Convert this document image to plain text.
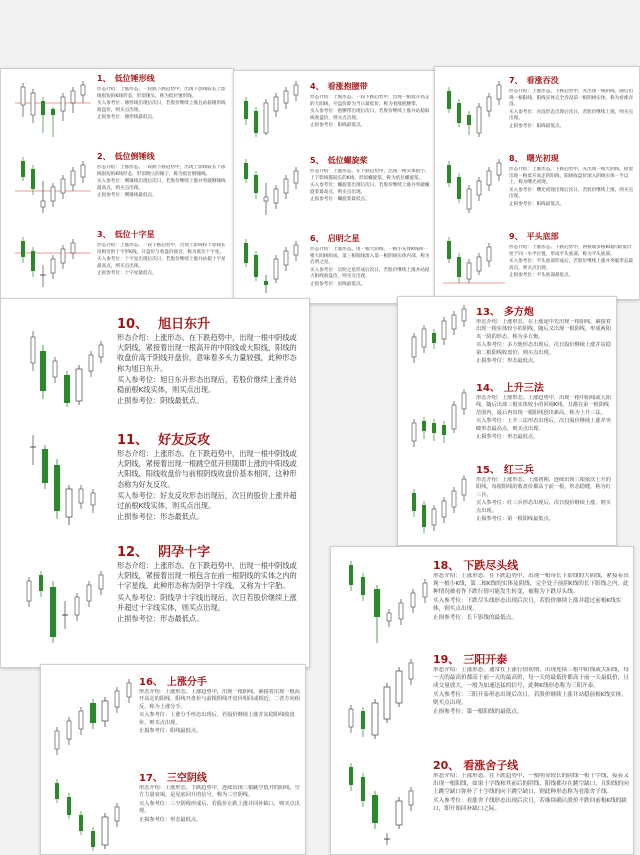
1、 低位锤形线

形态介绍：上涨形态。一段跌下跌趋势中，出现下影线较长上影线很短的K线形态，形似锤头，称为低位锤形线。

买入参考位：锤形线出现后次日，若股价继续上涨且站稳锤形线收盘价，则买点出现。

止损参考位：锤形线最低点。

2、 低位倒锤线

形态介绍：上涨形态。一段跌下跌趋势中，出现上影线较长下影线很短的K线形态，形似倒立的锤子，称为低位倒锤线。

买入参考位：倒锤线出现后次日，若股价继续上涨并突破倒锤线最高点，则买点出现。

止损参考位：倒锤线最低点。

3、 低位十字星

形态介绍：上涨形态。一段下跌趋势中，出现上影线和下影线长度相近的十字形K线，开盘价与收盘价接近，称为低位十字星。

买入参考位：十字星出现后次日，若股价继续上涨并站稳十字星最高点，则买点出现。

止损参考位：十字星最低点。

4、 看涨抱腰带

形态介绍：上涨形态。一段下跌趋势中，出现一根低开高走的大阳线，开盘价即为当日最低价，称为看涨抱腰带。

买入参考位：抱腰带出现后次日，若股价继续上涨并站稳阳线收盘价，则买点出现。

止损参考位：阳线最低点。

5、 低位螺旋桨

形态介绍：上涨形态。在下跌趋势中，出现一根实体很小、上下影线都较长的K线，形似螺旋桨，称为低位螺旋桨。

买入参考位：螺旋桨出现后次日，若股价继续上涨并突破螺旋桨最高点，则买点出现。

止损参考位：螺旋桨最低点。

6、 启明之星

形态介绍：上涨形态。由一根大阴线、一根小实体K线和一根大阳线组成，第三根阳线深入第一根阴线实体内部，称为启明之星。

买入参考位：启明之星形成后次日，若股价继续上涨并站稳大阳线收盘价，则买点出现。

止损参考位：星线最低点。

7、 看涨吞没

形态介绍：上涨形态。下跌趋势中，先出现一根阴线，随后出现一根阳线，阳线实体完全吞没前一根阴线实体，称为看涨吞没。

买入参考位：吞没形态出现后次日，若股价继续上涨，则买点出现。

止损参考位：阳线最低点。

8、 曙光初现

形态介绍：上涨形态。下跌趋势中，先出现一根大阴线，接着出现一根低开高走的阳线，阳线收盘价深入阴线实体一半以上，称为曙光初现。

买入参考位：曙光初现出现后次日，若股价继续上涨，则买点出现。

止损参考位：阳线最低点。

9、 平头底部

形态介绍：上涨形态。下跌趋势中，两根或多根K线的最低价处于同一水平位置，形成平头底部，称为平头底部。

买入参考位：平头底部形成后，若股价继续上涨并突破形态最高点，则买点出现。

止损参考位：平头底部最低点。

10、 旭日东升

形态介绍：上涨形态。在下跌趋势中，出现一根中阴线或大阴线，紧接着出现一根高开的中阳线或大阳线，阳线的收盘价高于阴线开盘价，意味着多头力量较强，此种形态称为旭日东升。

买入参考位：旭日东升形态出现后，若股价继续上涨并站稳前根K线实体，则买点出现。

止损参考位：阴线最低点。

11、 好友反攻

形态介绍：上涨形态。在下跌趋势中，出现一根中阴线或大阴线，紧接着出现一根跳空低开但随即上涨的中阳线或大阳线，阳线收盘价与前根阴线收盘价基本相同，这种形态称为好友反攻。

买入参考位：好友反攻形态出现后，次日的股价上涨并超过前根K线实体，则买点出现。

止损参考位：形态最低点。

12、 阴孕十字

形态介绍：上涨形态。在下跌趋势中，出现一根中阴线或大阴线，紧接着出现一根包含在前一根阴线的实体之内的十字星线，此种形态称为阴孕十字线，又称为十字胎。

买入参考位：阴线孕十字线出现后，次日若股价继续上涨并超过十字线实体，则买点出现。

止损参考位：形态最低点。

13、 多方炮

形态介绍：上涨形态。在上涨途中先出现一根阳线，紧接着出现一根实体较小的阴线，随后又出现一根阳线，形成两阳夹一阴的形态，称为多方炮。

买入参考位：多方炮形态出现后，次日股价继续上涨并站稳第二根阳线收盘价，则买点出现。

止损参考位：形态最低点。

14、 上升三法

形态介绍：上涨形态。上涨趋势中，出现一根中阳线或大阳线，随后出现三根实体较小的回调K线，且都在第一根阳线范围内，最后再出现一根阳线创出新高，称为上升三法。

买入参考位：上升三法形态出现后，次日股价继续上涨并突破形态最高点，则买点出现。

止损参考位：形态最低点。

15、 红三兵

形态介绍：上涨形态。上涨初期，连续出现三根依次上升的阳线，每根阳线的收盘价都高于前一根，形态稳健，称为红三兵。

买入参考位：红三兵形态出现后，次日股价继续上涨，则买点出现。

止损参考位：第一根阳线最低点。

16、 上涨分手

形态介绍：上涨形态。上涨趋势中，出现一根阴线，紧接着出现一根高开高走的阳线，阳线开盘价与前根阴线开盘价相同或相近，二者方向相反，称为上涨分手。

买入参考位：上涨分手形态出现后，若股价继续上涨并站稳阳线收盘价，则买点出现。

止损参考位：阳线最低点。

17、 三空阴线

形态介绍：上涨形态。下跌趋势中，连续出现三根跳空低开的阴线，空方力量衰竭，是见底回升的信号，称为三空阴线。

买入参考位：三空阴线形成后，若股价止跌上涨并回补缺口，则买点出现。

止损参考位：形态最低点。

18、 下跌尽头线

形态介绍：上涨形态。在下跌趋势中，出现一根带长下影线的大阴线，紧接着出现一根小K线，第二根K线的实体及阴线，完全处于前阴K线的长下影线之内，此种情况被看作下跌行情可能发生转变，被称为下跌尽头线。

买入参考位：下跌尽头线形态出现后次日，若股价继续上涨并超过前根K线实体，则买点出现。

止损参考位：长下影线的最低点。

19、 三阳开泰

形态介绍：上涨形态。通常在上涨行情初期，出现连续三根中阳线或大阳线，每一天的最高价都高于前一天的最高价，每一天的最低价都高于前一天最低价，且成交量放大。一般为加速迅猛的信号，此种K线形态称为三阳开泰。

买入参考位：三阳开泰形态出现后次日，若股价继续上涨并站稳前根K线实体，则买点出现。

止损参考位：第一根阳线的最低点。

20、 看涨舍子线

形态介绍：上涨形态。在下跌趋势中，一根明显较长的阴线一根十字线，接着又出现一根阳线，如果十字线和其前后的阴线、阳线都存在跳空缺口，且阳线的向上跳空缺口弥补了十字线的向下跳空缺口，则此种形态称为看涨舍子线。

买入参考位：看涨舍子线形态出现后次日，若继续确认股价不跌回前根K线的缺口，即开始回补缺口之际。
